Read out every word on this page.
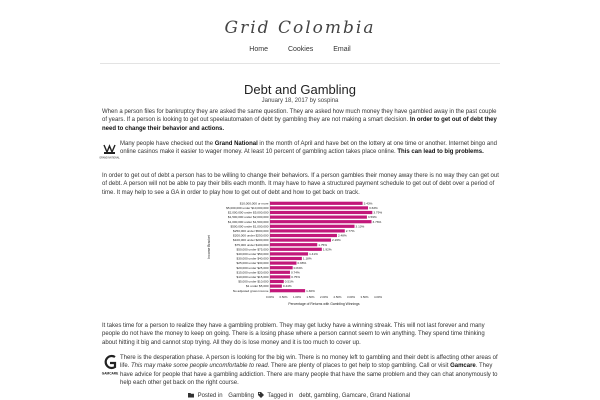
Grid Colombia
Home	Cookies	Email
Debt and Gambling
January 18, 2017 by sospina
When a person files for bankruptcy they are asked the same question. They are asked how much money they have gambled away in the past couple of years. If a person is looking to get out speelautomaten of debt by gambling they are not making a smart decision. In order to get out of debt they need to change their behavior and actions.
GRAND NATIONAL
Many people have checked out the Grand National in the month of April and have bet on the lottery at one time or another. Internet bingo and online casinos make it easier to wager money. At least 10 percent of gambling action takes place online. This can lead to big problems.
In order to get out of debt a person has to be willing to change their behaviors. If a person gambles their money away there is no way they can get out of debt. A person will not be able to pay their bills each month. It may have to have a structured payment schedule to get out of debt over a period of time. It may help to see a GA in order to play how to get out of debt and how to get back on track.
$10,000,000 or more	3.43%
$5,000,000 under $10,000,000	3.63%
$2,000,000 under $5,000,000	3.79%
$1,500,000 under $2,000,000	3.59%
$1,000,000 under $1,500,000	3.76%
$500,000 under $1,000,000	3.13%
$250,000 under $500,000	2.77%
$200,000 under $250,000	2.48%
$100,000 under $200,000	2.26%
$75,000 under $100,000	1.75%
$50,000 under $75,000	1.92%
$40,000 under $50,000	1.41%
$30,000 under $40,000	1.18%
$25,000 under $30,000	0.98%
$20,000 under $25,000	0.84%
$15,000 under $20,000	0.74%
$10,000 under $15,000	0.75%
$5,000 under $10,000	0.51%
$1 under $5,000	0.44%
No adjusted gross income	1.30%
0.00% 0.50% 1.00% 1.50% 2.00% 2.50% 3.00% 3.50% 4.00%
Percentage of Returns with Gambling Winnings
Income Bracket
It takes time for a person to realize they have a gambling problem. They may get lucky have a winning streak. This will not last forever and many people do not have the money to keep on going. There is a losing phase where a person cannot seem to win anything. They spend time thinking about hitting it big and cannot stop trying. All they do is lose money and it is too much to cover up.
GAMCARE
There is the desperation phase. A person is looking for the big win. There is no money left to gambling and their debt is affecting other areas of life. This may make some people uncomfortable to read. There are plenty of places to get help to stop gambling. Call or visit Gamcare. They have advice for people that have a gambling addiction. There are many people that have the same problem and they can chat anonymously to help each other get back on the right course.
Posted in Gambling Tagged in debt, gambling, Gamcare, Grand National
